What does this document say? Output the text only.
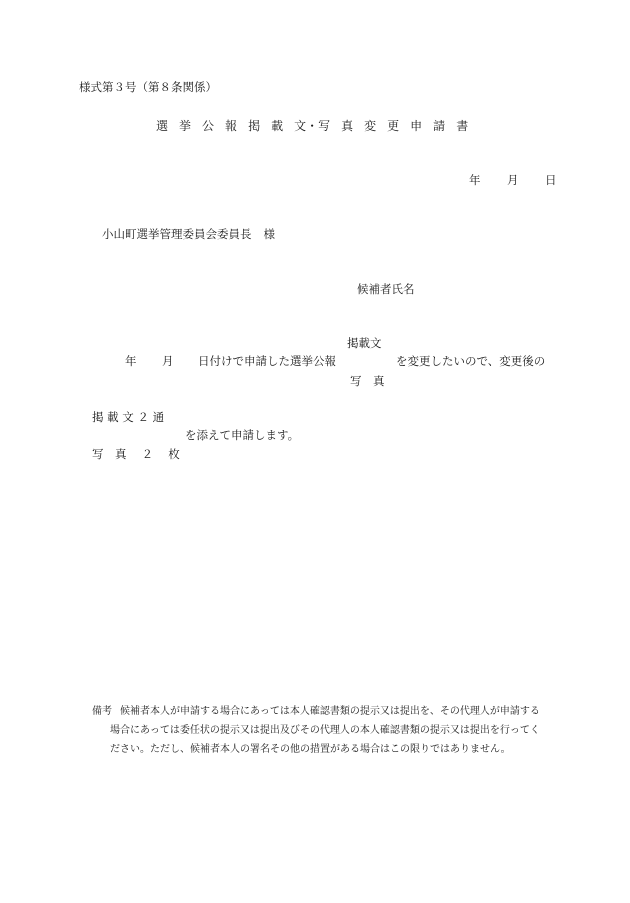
様式第３号（第８条関係）
選 挙 公 報 掲 載 文・写 真 変 更 申 請 書
年 月 日
小山町選挙管理委員会委員長 様
候補者氏名
掲載文
年 月 日付けで申請した選挙公報	を変更したいので、変更後の
写　真
掲 載 文 ２ 通
を添えて申請します。
写　真　 ２　 枚
備考 候補者本人が申請する場合にあっては本人確認書類の提示又は提出を、その代理人が申請する
場合にあっては委任状の提示又は提出及びその代理人の本人確認書類の提示又は提出を行ってく
ださい。ただし、候補者本人の署名その他の措置がある場合はこの限りではありません。
